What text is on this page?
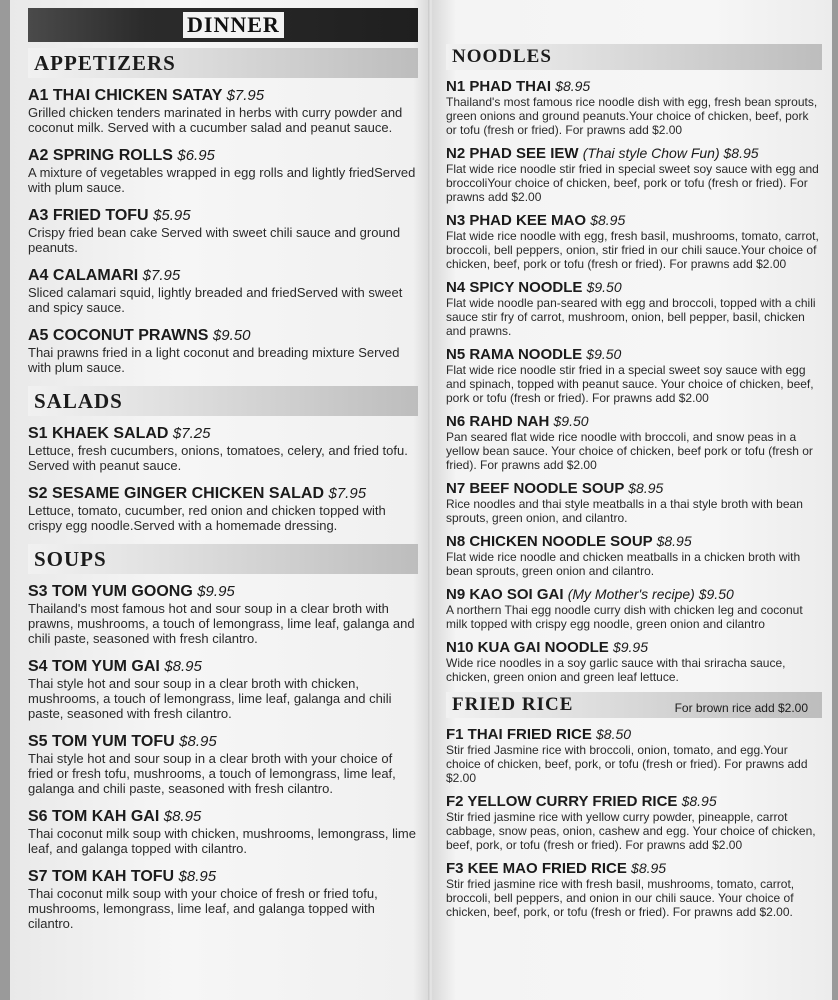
DINNER
APPETIZERS
A1 THAI CHICKEN SATAY $7.95
Grilled chicken tenders marinated in herbs with curry powder and coconut milk. Served with a cucumber salad and peanut sauce.
A2 SPRING ROLLS $6.95
A mixture of vegetables wrapped in egg rolls and lightly friedServed with plum sauce.
A3 FRIED TOFU $5.95
Crispy fried bean cake Served with sweet chili sauce and ground peanuts.
A4 CALAMARI $7.95
Sliced calamari squid, lightly breaded and friedServed with sweet and spicy sauce.
A5 COCONUT PRAWNS $9.50
Thai prawns fried in a light coconut and breading mixture Served with plum sauce.
SALADS
S1 KHAEK SALAD $7.25
Lettuce, fresh cucumbers, onions, tomatoes, celery, and fried tofu. Served with peanut sauce.
S2 SESAME GINGER CHICKEN SALAD $7.95
Lettuce, tomato, cucumber, red onion and chicken topped with crispy egg noodle.Served with a homemade dressing.
SOUPS
S3 TOM YUM GOONG $9.95
Thailand's most famous hot and sour soup in a clear broth with prawns, mushrooms, a touch of lemongrass, lime leaf, galanga and chili paste, seasoned with fresh cilantro.
S4 TOM YUM GAI $8.95
Thai style hot and sour soup in a clear broth with chicken, mushrooms, a touch of lemongrass, lime leaf, galanga and chili paste, seasoned with fresh cilantro.
S5 TOM YUM TOFU $8.95
Thai style hot and sour soup in a clear broth with your choice of fried or fresh tofu, mushrooms, a touch of lemongrass, lime leaf, galanga and chili paste, seasoned with fresh cilantro.
S6 TOM KAH GAI $8.95
Thai coconut milk soup with chicken, mushrooms, lemongrass, lime leaf, and galanga topped with cilantro.
S7 TOM KAH TOFU $8.95
Thai coconut milk soup with your choice of fresh or fried tofu, mushrooms, lemongrass, lime leaf, and galanga topped with cilantro.
NOODLES
N1 PHAD THAI $8.95
Thailand's most famous rice noodle dish with egg, fresh bean sprouts, green onions and ground peanuts.Your choice of chicken, beef, pork or tofu (fresh or fried). For prawns add $2.00
N2 PHAD SEE IEW (Thai style Chow Fun) $8.95
Flat wide rice noodle stir fried in special sweet soy sauce with egg and broccoliYour choice of chicken, beef, pork or tofu (fresh or fried). For prawns add $2.00
N3 PHAD KEE MAO $8.95
Flat wide rice noodle with egg, fresh basil, mushrooms, tomato, carrot, broccoli, bell peppers, onion, stir fried in our chili sauce.Your choice of chicken, beef, pork or tofu (fresh or fried). For prawns add $2.00
N4 SPICY NOODLE $9.50
Flat wide noodle pan-seared with egg and broccoli, topped with a chili sauce stir fry of carrot, mushroom, onion, bell pepper, basil, chicken and prawns.
N5 RAMA NOODLE $9.50
Flat wide rice noodle stir fried in a special sweet soy sauce with egg and spinach, topped with peanut sauce. Your choice of chicken, beef, pork or tofu (fresh or fried). For prawns add $2.00
N6 RAHD NAH $9.50
Pan seared flat wide rice noodle with broccoli, and snow peas in a yellow bean sauce. Your choice of chicken, beef pork or tofu (fresh or fried). For prawns add $2.00
N7 BEEF NOODLE SOUP $8.95
Rice noodles and thai style meatballs in a thai style broth with bean sprouts, green onion, and cilantro.
N8 CHICKEN NOODLE SOUP $8.95
Flat wide rice noodle and chicken meatballs in a chicken broth with bean sprouts, green onion and cilantro.
N9 KAO SOI GAI (My Mother's recipe) $9.50
A northern Thai egg noodle curry dish with chicken leg and coconut milk topped with crispy egg noodle, green onion and cilantro
N10 KUA GAI NOODLE $9.95
Wide rice noodles in a soy garlic sauce with thai sriracha sauce, chicken, green onion and green leaf lettuce.
FRIED RICE	For brown rice add $2.00
F1 THAI FRIED RICE $8.50
Stir fried Jasmine rice with broccoli, onion, tomato, and egg.Your choice of chicken, beef, pork, or tofu (fresh or fried). For prawns add $2.00
F2 YELLOW CURRY FRIED RICE $8.95
Stir fried jasmine rice with yellow curry powder, pineapple, carrot cabbage, snow peas, onion, cashew and egg. Your choice of chicken, beef, pork, or tofu (fresh or fried). For prawns add $2.00
F3 KEE MAO FRIED RICE $8.95
Stir fried jasmine rice with fresh basil, mushrooms, tomato, carrot, broccoli, bell peppers, and onion in our chili sauce. Your choice of chicken, beef, pork, or tofu (fresh or fried). For prawns add $2.00.
